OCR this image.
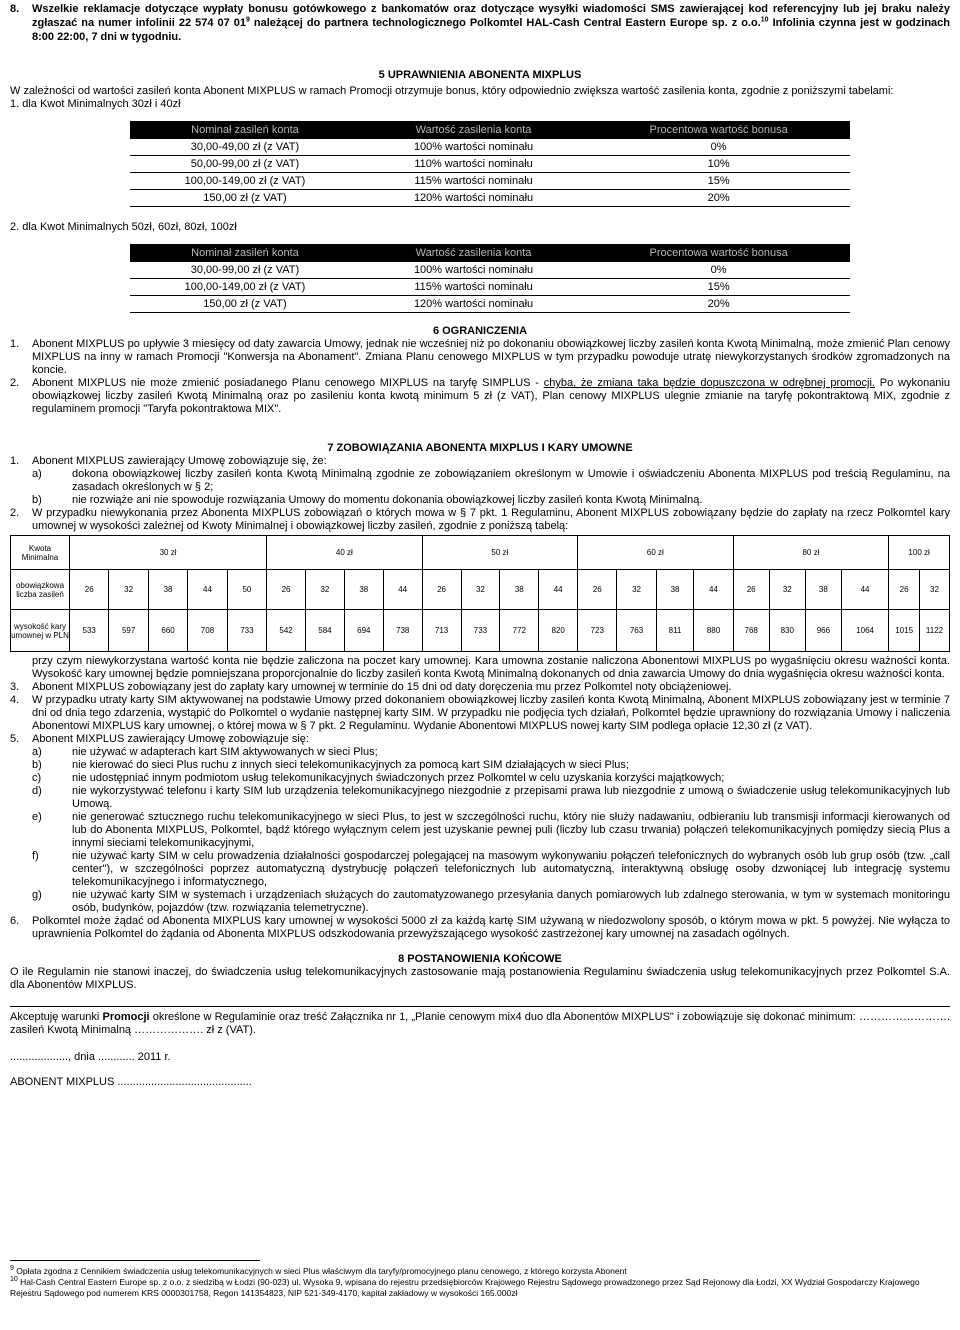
8.	Wszelkie reklamacje dotyczące wypłaty bonusu gotówkowego z bankomatów oraz dotyczące wysyłki wiadomości SMS zawierającej kod referencyjny lub jej braku należy zgłaszać na numer infolinii 22 574 07 $01^9$ należącej do partnera technologicznego Polkomtel HAL-Cash Central Eastern Europe sp. z o.o.$^{10}$ Infolinia czynna jest w godzinach 8:00 22:00, 7 dni w tygodniu.

5 UPRAWNIENIA ABONENTA MIXPLUS

W zależności od wartości zasileń konta Abonent MIXPLUS w ramach Promocji otrzymuje bonus, który odpowiednio zwiększa wartość zasilenia konta, zgodnie z poniższymi tabelami:

1. dla Kwot Minimalnych 30zł i 40zł

Nominał zasileń konta	Wartość zasilenia konta	Procentowa wartość bonusa
30,00-49,00 zł (z VAT)	100% wartości nominału	0%
50,00-99,00 zł (z VAT)	110% wartości nominału	10%
100,00-149,00 zł (z VAT)	115% wartości nominału	15%
150,00 zł (z VAT)	120% wartości nominału	20%

2. dla Kwot Minimalnych 50zł, 60zł, 80zł, 100zł

Nominał zasileń konta	Wartość zasilenia konta	Procentowa wartość bonusa
30,00-99,00 zł (z VAT)	100% wartości nominału	0%
100,00-149,00 zł (z VAT)	115% wartości nominału	15%
150,00 zł (z VAT)	120% wartości nominału	20%

6 OGRANICZENIA

1.	Abonent MIXPLUS po upływie 3 miesięcy od daty zawarcia Umowy, jednak nie wcześniej niż po dokonaniu obowiązkowej liczby zasileń konta Kwotą Minimalną, może zmienić Plan cenowy MIXPLUS na inny w ramach Promocji "Konwersja na Abonament". Zmiana Planu cenowego MIXPLUS w tym przypadku powoduje utratę niewykorzystanych środków zgromadzonych na koncie.
2.	Abonent MIXPLUS nie może zmienić posiadanego Planu cenowego MIXPLUS na taryfę SIMPLUS - chyba, że zmiana taka będzie dopuszczona w odrębnej promocji. Po wykonaniu obowiązkowej liczby zasileń Kwotą Minimalną oraz po zasileniu konta kwotą minimum 5 zł (z VAT), Plan cenowy MIXPLUS ulegnie zmianie na taryfę pokontraktową MIX, zgodnie z regulaminem promocji "Taryfa pokontraktowa MIX".

7 ZOBOWIĄZANIA ABONENTA MIXPLUS I KARY UMOWNE

1.	Abonent MIXPLUS zawierający Umowę zobowiązuje się, że:
a)	dokona obowiązkowej liczby zasileń konta Kwotą Minimalną zgodnie ze zobowiązaniem określonym w Umowie i oświadczeniu Abonenta MIXPLUS pod treścią Regulaminu, na zasadach określonych w § 2;
b)	nie rozwiąże ani nie spowoduje rozwiązania Umowy do momentu dokonania obowiązkowej liczby zasileń konta Kwotą Minimalną.
2.	W przypadku niewykonania przez Abonenta MIXPLUS zobowiązań o których mowa w § 7 pkt. 1 Regulaminu, Abonent MIXPLUS zobowiązany będzie do zapłaty na rzecz Polkomtel kary umownej w wysokości zależnej od Kwoty Minimalnej i obowiązkowej liczby zasileń, zgodnie z poniższą tabelą:
Kwota Minimalna	30 zł					40 zł				50 zł				60 zł				80 zł				100 zł	
obowiązkowa liczba zasileń	26	32	38	44	50	26	32	38	44	26	32	38	44	26	32	38	44	26	32	38	44	26	32
wysokość kary umownej w PLN	533	597	660	708	733	542	584	694	738	713	733	772	820	723	763	811	880	768	830	966	1064	1015	1122

przy czym niewykorzystana wartość konta nie będzie zaliczona na poczet kary umownej. Kara umowna zostanie naliczona Abonentowi MIXPLUS po wygaśnięciu okresu ważności konta. Wysokość kary umownej będzie pomniejszana proporcjonalnie do liczby zasileń konta Kwotą Minimalną dokonanych od dnia zawarcia Umowy do dnia wygaśnięcia okresu ważności konta.

3.	Abonent MIXPLUS zobowiązany jest do zapłaty kary umownej w terminie do 15 dni od daty doręczenia mu przez Polkomtel noty obciążeniowej.
4.	W przypadku utraty karty SIM aktywowanej na podstawie Umowy przed dokonaniem obowiązkowej liczby zasileń konta Kwotą Minimalną, Abonent MIXPLUS zobowiązany jest w terminie 7 dni od dnia tego zdarzenia, wystąpić do Polkomtel o wydanie następnej karty SIM. W przypadku nie podjęcia tych działań, Polkomtel będzie uprawniony do rozwiązania Umowy i naliczenia Abonentowi MIXPLUS kary umownej, o której mowa w § 7 pkt. 2 Regulaminu. Wydanie Abonentowi MIXPLUS nowej karty SIM podlega opłacie 12,30 zł (z VAT).
5.	Abonent MIXPLUS zawierający Umowę zobowiązuje się:
a)	nie używać w adapterach kart SIM aktywowanych w sieci Plus;
b)	nie kierować do sieci Plus ruchu z innych sieci telekomunikacyjnych za pomocą kart SIM działających w sieci Plus;
c)	nie udostępniać innym podmiotom usług telekomunikacyjnych świadczonych przez Polkomtel w celu uzyskania korzyści majątkowych;
d)	nie wykorzystywać telefonu i karty SIM lub urządzenia telekomunikacyjnego niezgodnie z przepisami prawa lub niezgodnie z umową o świadczenie usług telekomunikacyjnych lub Umową.
e)	nie generować sztucznego ruchu telekomunikacyjnego w sieci Plus, to jest w szczególności ruchu, który nie służy nadawaniu, odbieraniu lub transmisji informacji kierowanych od lub do Abonenta MIXPLUS, Polkomtel, bądź którego wyłącznym celem jest uzyskanie pewnej puli (liczby lub czasu trwania) połączeń telekomunikacyjnych pomiędzy siecią Plus a innymi sieciami telekomunikacyjnymi,
f)	nie używać karty SIM w celu prowadzenia działalności gospodarczej polegającej na masowym wykonywaniu połączeń telefonicznych do wybranych osób lub grup osób (tzw. „call center"), w szczególności poprzez automatyczną dystrybucję połączeń telefonicznych lub automatyczną, interaktywną obsługę osoby dzwoniącej lub integrację systemu telekomunikacyjnego i informatycznego,
g)	nie używać karty SIM w systemach i urządzeniach służących do zautomatyzowanego przesyłania danych pomiarowych lub zdalnego sterowania, w tym w systemach monitoringu osób, budynków, pojazdów (tzw. rozwiązania telemetryczne).
6.	Polkomtel może żądać od Abonenta MIXPLUS kary umownej w wysokości 5000 zł za każdą kartę SIM używaną w niedozwolony sposób, o którym mowa w pkt. 5 powyżej. Nie wyłącza to uprawnienia Polkomtel do żądania od Abonenta MIXPLUS odszkodowania przewyższającego wysokość zastrzeżonej kary umownej na zasadach ogólnych.

8 POSTANOWIENIA KOŃCOWE

O ile Regulamin nie stanowi inaczej, do świadczenia usług telekomunikacyjnych zastosowanie mają postanowienia Regulaminu świadczenia usług telekomunikacyjnych przez Polkomtel S.A. dla Abonentów MIXPLUS.

Akceptuję warunki Promocji określone w Regulaminie oraz treść Załącznika nr 1, „Planie cenowym mix4 duo dla Abonentów MIXPLUS" i zobowiązuje się dokonać minimum: ……………………. zasileń Kwotą Minimalną ………………. zł z (VAT).

..................., dnia ............ 2011 r.

ABONENT MIXPLUS ............................................

$^9$ Opłata zgodna z Cennikiem świadczenia usług telekomunikacyjnych w sieci Plus właściwym dla taryfy/promocyjnego planu cenowego, z którego korzysta Abonent

$^{10}$ Hal-Cash Central Eastern Europe sp. z o.o. z siedzibą w Łodzi (90-023) ul. Wysoka 9, wpisana do rejestru przedsiębiorców Krajowego Rejestru Sądowego prowadzonego przez Sąd Rejonowy dla Łodzi, XX Wydział Gospodarczy Krajowego Rejestru Sądowego pod numerem KRS 0000301758, Regon 141354823, NIP 521-349-4170, kapitał zakładowy w wysokości 165.000zł
